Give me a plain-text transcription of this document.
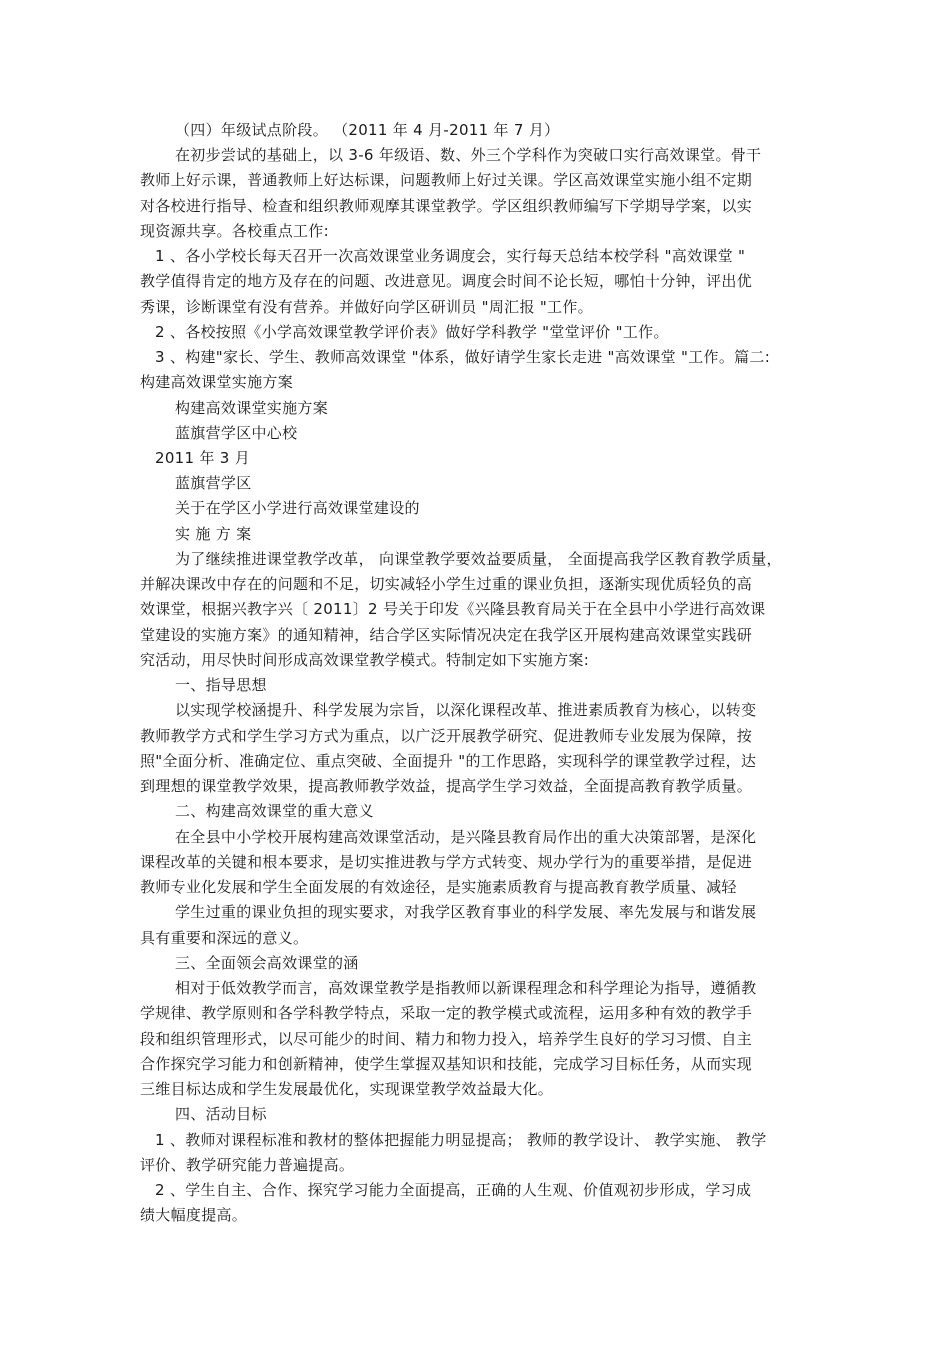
（四）年级试点阶段。 （2011 年 4 月-2011 年 7 月）
在初步尝试的基础上，以 3-6 年级语、数、外三个学科作为突破口实行高效课堂。骨干
教师上好示课，普通教师上好达标课，问题教师上好过关课。学区高效课堂实施小组不定期
对各校进行指导、检查和组织教师观摩其课堂教学。学区组织教师编写下学期导学案，以实
现资源共享。各校重点工作:
1 、各小学校长每天召开一次高效课堂业务调度会，实行每天总结本校学科 "高效课堂 "
教学值得肯定的地方及存在的问题、改进意见。调度会时间不论长短，哪怕十分钟，评出优
秀课，诊断课堂有没有营养。并做好向学区研训员 "周汇报 "工作。
2 、各校按照《小学高效课堂教学评价表》做好学科教学 "堂堂评价 "工作。
3 、构建"家长、学生、教师高效课堂 "体系，做好请学生家长走进 "高效课堂 "工作。篇二:
构建高效课堂实施方案
构建高效课堂实施方案
蓝旗营学区中心校
2011 年 3 月
蓝旗营学区
关于在学区小学进行高效课堂建设的
实 施 方 案
为了继续推进课堂教学改革， 向课堂教学要效益要质量， 全面提高我学区教育教学质量，
并解决课改中存在的问题和不足，切实减轻小学生过重的课业负担，逐渐实现优质轻负的高
效课堂，根据兴教字兴〔 2011〕2 号关于印发《兴隆县教育局关于在全县中小学进行高效课
堂建设的实施方案》的通知精神，结合学区实际情况决定在我学区开展构建高效课堂实践研
究活动，用尽快时间形成高效课堂教学模式。特制定如下实施方案:
一、指导思想
以实现学校涵提升、科学发展为宗旨，以深化课程改革、推进素质教育为核心，以转变
教师教学方式和学生学习方式为重点，以广泛开展教学研究、促进教师专业发展为保障，按
照"全面分析、准确定位、重点突破、全面提升 "的工作思路，实现科学的课堂教学过程，达
到理想的课堂教学效果，提高教师教学效益，提高学生学习效益，全面提高教育教学质量。
二、构建高效课堂的重大意义
在全县中小学校开展构建高效课堂活动，是兴隆县教育局作出的重大决策部署，是深化
课程改革的关键和根本要求，是切实推进教与学方式转变、规办学行为的重要举措，是促进
教师专业化发展和学生全面发展的有效途径，是实施素质教育与提高教育教学质量、减轻
学生过重的课业负担的现实要求，对我学区教育事业的科学发展、率先发展与和谐发展
具有重要和深远的意义。
三、全面领会高效课堂的涵
相对于低效教学而言，高效课堂教学是指教师以新课程理念和科学理论为指导，遵循教
学规律、教学原则和各学科教学特点，采取一定的教学模式或流程，运用多种有效的教学手
段和组织管理形式，以尽可能少的时间、精力和物力投入，培养学生良好的学习习惯、自主
合作探究学习能力和创新精神，使学生掌握双基知识和技能，完成学习目标任务，从而实现
三维目标达成和学生发展最优化，实现课堂教学效益最大化。
四、活动目标
1 、教师对课程标准和教材的整体把握能力明显提高； 教师的教学设计、 教学实施、 教学
评价、教学研究能力普遍提高。
2 、学生自主、合作、探究学习能力全面提高，正确的人生观、价值观初步形成，学习成
绩大幅度提高。
